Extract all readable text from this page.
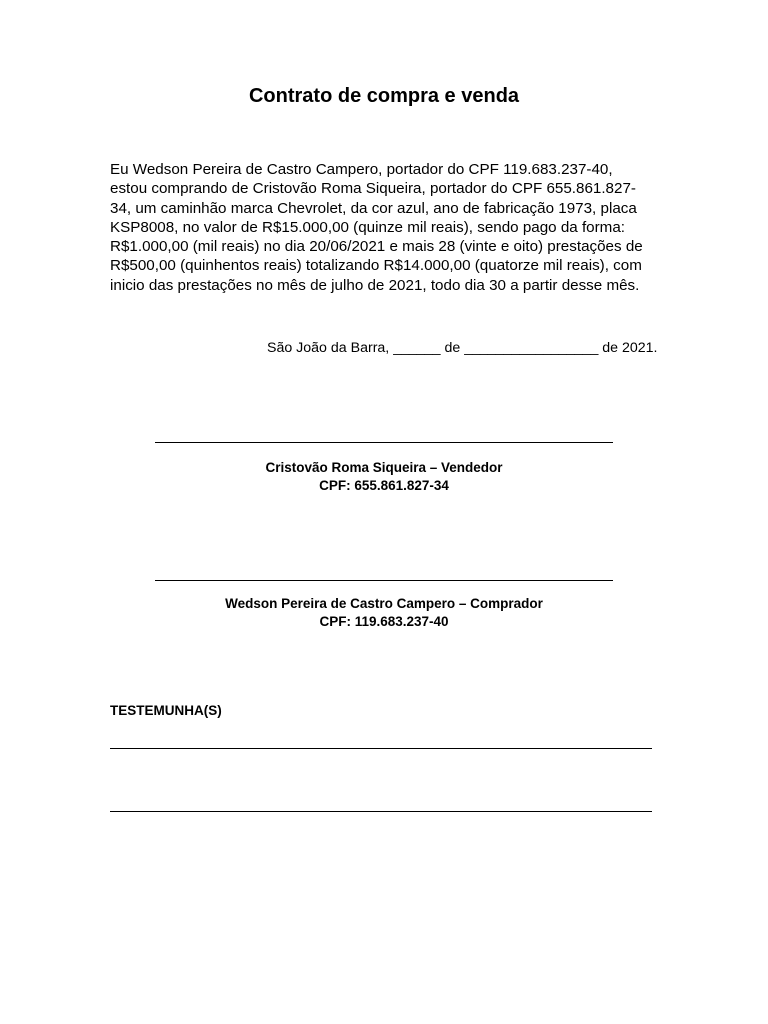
Contrato de compra e venda
Eu Wedson Pereira de Castro Campero, portador do CPF 119.683.237-40,
estou comprando de Cristovão Roma Siqueira, portador do CPF 655.861.827-
34, um caminhão marca Chevrolet, da cor azul, ano de fabricação 1973, placa
KSP8008, no valor de R$15.000,00 (quinze mil reais), sendo pago da forma:
R$1.000,00 (mil reais) no dia 20/06/2021 e mais 28 (vinte e oito) prestações de
R$500,00 (quinhentos reais) totalizando R$14.000,00 (quatorze mil reais), com
inicio das prestações no mês de julho de 2021, todo dia 30 a partir desse mês.
São João da Barra, ______ de _________________ de 2021.
Cristovão Roma Siqueira – Vendedor
CPF: 655.861.827-34
Wedson Pereira de Castro Campero – Comprador
CPF: 119.683.237-40
TESTEMUNHA(S)
